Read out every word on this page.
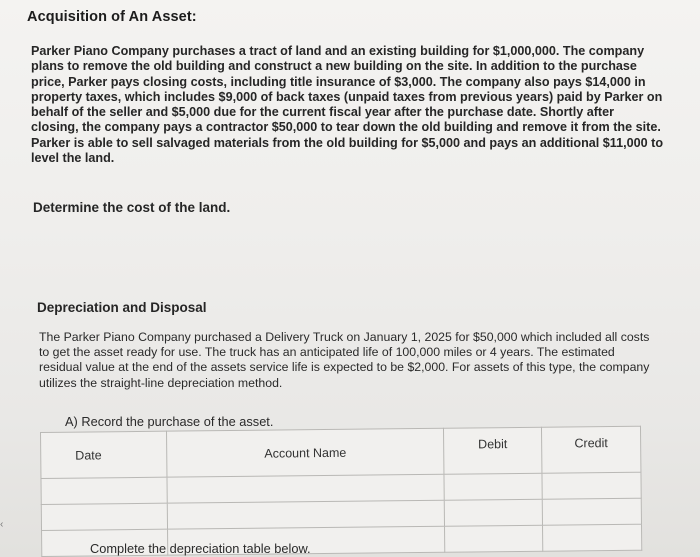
Acquisition of An Asset:
Parker Piano Company purchases a tract of land and an existing building for $1,000,000. The company plans to remove the old building and construct a new building on the site. In addition to the purchase price, Parker pays closing costs, including title insurance of $3,000. The company also pays $14,000 in property taxes, which includes $9,000 of back taxes (unpaid taxes from previous years) paid by Parker on behalf of the seller and $5,000 due for the current fiscal year after the purchase date. Shortly after closing, the company pays a contractor $50,000 to tear down the old building and remove it from the site. Parker is able to sell salvaged materials from the old building for $5,000 and pays an additional $11,000 to level the land.
Determine the cost of the land.
Depreciation and Disposal
The Parker Piano Company purchased a Delivery Truck on January 1, 2025 for $50,000 which included all costs to get the asset ready for use. The truck has an anticipated life of 100,000 miles or 4 years. The estimated residual value at the end of the assets service life is expected to be $2,000. For assets of this type, the company utilizes the straight-line depreciation method.
A) Record the purchase of the asset.
Date	Account Name	Debit	Credit

Complete the depreciation table below.
‹
